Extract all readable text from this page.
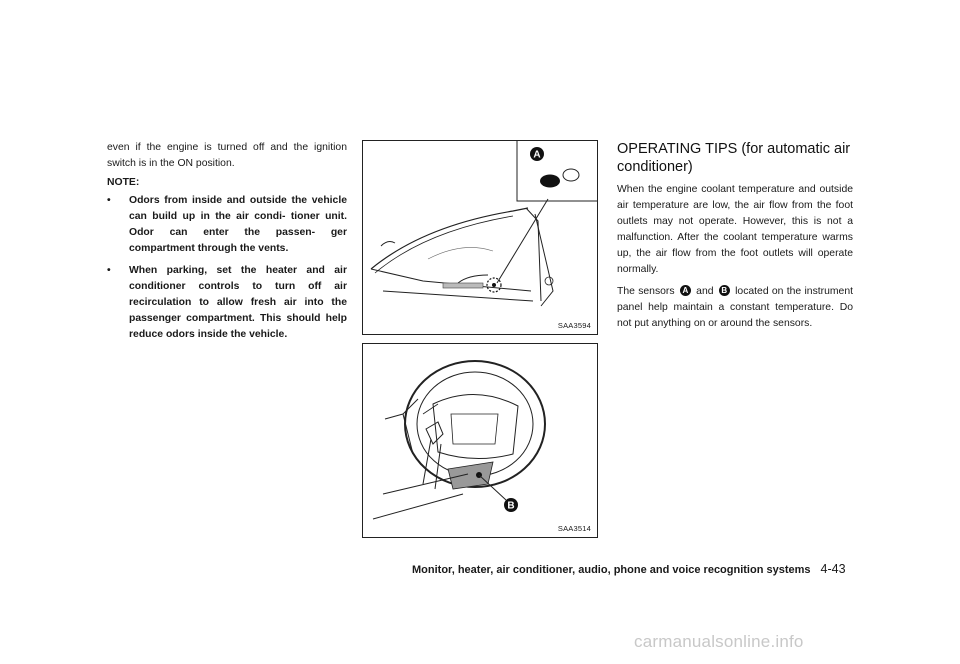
even if the engine is turned off and the ignition switch is in the ON position.

NOTE:

• Odors from inside and outside the vehicle can build up in the air condi- tioner unit. Odor can enter the passen- ger compartment through the vents.
• When parking, set the heater and air conditioner controls to turn off air recirculation to allow fresh air into the passenger compartment. This should help reduce odors inside the vehicle.
A
SAA3594
B
SAA3514
OPERATING TIPS (for automatic air conditioner)

When the engine coolant temperature and outside air temperature are low, the air flow from the foot outlets may not operate. However, this is not a malfunction. After the coolant temperature warms up, the air flow from the foot outlets will operate normally.

The sensors A and B located on the instrument panel help maintain a constant temperature. Do not put anything on or around the sensors.

Monitor, heater, air conditioner, audio, phone and voice recognition systems 4-43
carmanualsonline.info
